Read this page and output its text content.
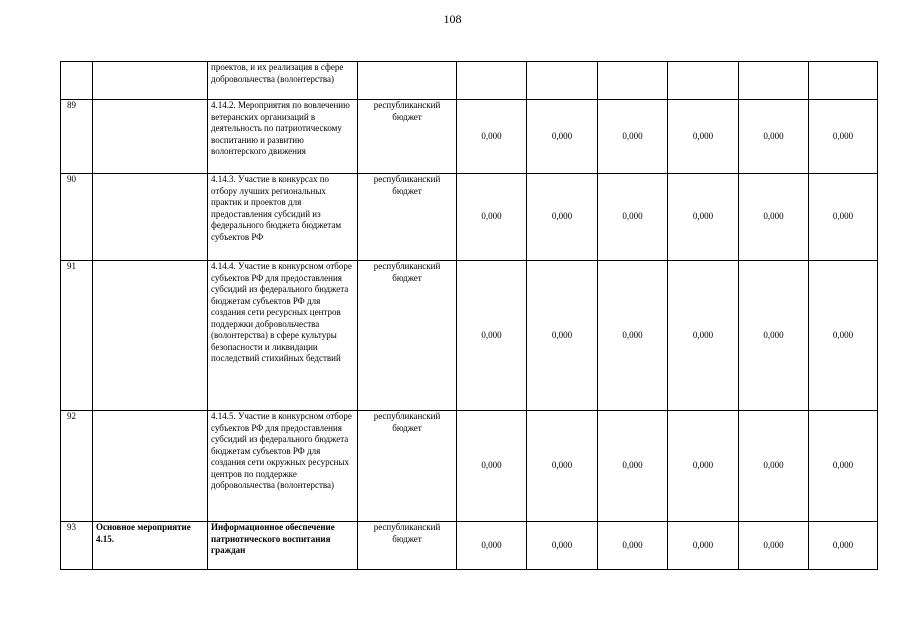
108
		проектов, и их реализация в сфере добровольчества (волонтерства)							
89		4.14.2. Мероприятия по вовлечению ветеранских организаций в деятельность по патриотическому воспитанию и развитию волонтерского движения	республиканский бюджет	0,000	0,000	0,000	0,000	0,000	0,000
90		4.14.3. Участие в конкурсах по отбору лучших региональных практик и проектов для предоставления субсидий из федерального бюджета бюджетам субъектов РФ	республиканский бюджет	0,000	0,000	0,000	0,000	0,000	0,000
91		4.14.4. Участие в конкурсном отборе субъектов РФ для предоставления субсидий из федерального бюджета бюджетам субъектов РФ для создания сети ресурсных центров поддержки добровольчества (волонтерства) в сфере культуры безопасности и ликвидации последствий стихийных бедствий	республиканский бюджет	0,000	0,000	0,000	0,000	0,000	0,000
92		4.14.5. Участие в конкурсном отборе субъектов РФ для предоставления субсидий из федерального бюджета бюджетам субъектов РФ для создания сети окружных ресурсных центров по поддержке добровольчества (волонтерства)	республиканский бюджет	0,000	0,000	0,000	0,000	0,000	0,000
93	Основное мероприятие 4.15.	Информационное обеспечение патриотического воспитания граждан	республиканский бюджет	0,000	0,000	0,000	0,000	0,000	0,000
